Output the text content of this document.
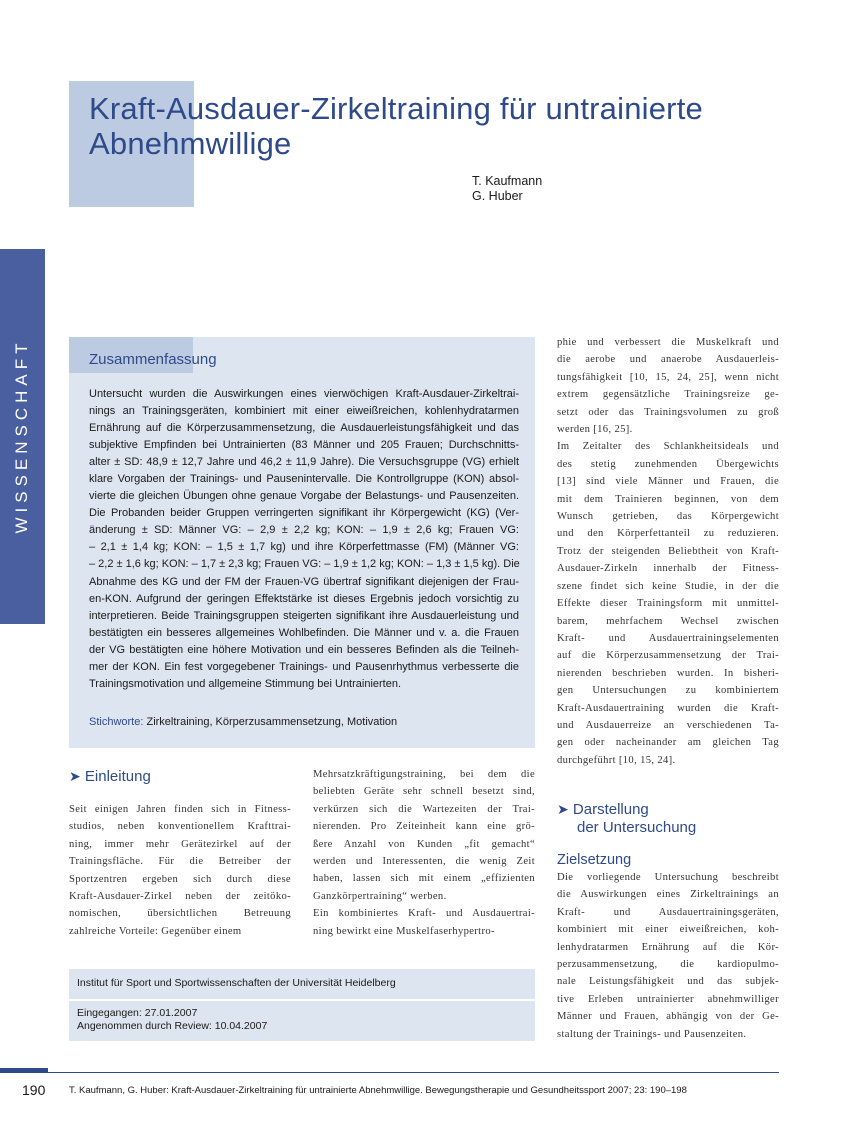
WISSENSCHAFT
Kraft-Ausdauer-Zirkeltraining für untrainierte
Abnehmwillige
T. Kaufmann
G. Huber
Zusammenfassung
Untersucht wurden die Auswirkungen eines vierwöchigen Kraft-Ausdauer-Zirkeltrai-
nings an Trainingsgeräten, kombiniert mit einer eiweißreichen, kohlenhydratarmen
Ernährung auf die Körperzusammensetzung, die Ausdauerleistungsfähigkeit und das
subjektive Empfinden bei Untrainierten (83 Männer und 205 Frauen; Durchschnitts-
alter ± SD: 48,9 ± 12,7 Jahre und 46,2 ± 11,9 Jahre). Die Versuchsgruppe (VG) erhielt
klare Vorgaben der Trainings- und Pausenintervalle. Die Kontrollgruppe (KON) absol-
vierte die gleichen Übungen ohne genaue Vorgabe der Belastungs- und Pausenzeiten.
Die Probanden beider Gruppen verringerten signifikant ihr Körpergewicht (KG) (Ver-
änderung ± SD: Männer VG: – 2,9 ± 2,2 kg; KON: – 1,9 ± 2,6 kg; Frauen VG:
– 2,1 ± 1,4 kg; KON: – 1,5 ± 1,7 kg) und ihre Körperfettmasse (FM) (Männer VG:
– 2,2 ± 1,6 kg; KON: – 1,7 ± 2,3 kg; Frauen VG: – 1,9 ± 1,2 kg; KON: – 1,3 ± 1,5 kg). Die
Abnahme des KG und der FM der Frauen-VG übertraf signifikant diejenigen der Frau-
en-KON. Aufgrund der geringen Effektstärke ist dieses Ergebnis jedoch vorsichtig zu
interpretieren. Beide Trainingsgruppen steigerten signifikant ihre Ausdauerleistung und
bestätigten ein besseres allgemeines Wohlbefinden. Die Männer und v. a. die Frauen
der VG bestätigten eine höhere Motivation und ein besseres Befinden als die Teilneh-
mer der KON. Ein fest vorgegebener Trainings- und Pausenrhythmus verbesserte die
Trainingsmotivation und allgemeine Stimmung bei Untrainierten.
Stichworte: Zirkeltraining, Körperzusammensetzung, Motivation
➤ Einleitung
Seit einigen Jahren finden sich in Fitness-
studios, neben konventionellem Krafttrai-
ning, immer mehr Gerätezirkel auf der
Trainingsfläche. Für die Betreiber der
Sportzentren ergeben sich durch diese
Kraft-Ausdauer-Zirkel neben der zeitöko-
nomischen, übersichtlichen Betreuung
zahlreiche Vorteile: Gegenüber einem
Mehrsatzkräftigungstraining, bei dem die
beliebten Geräte sehr schnell besetzt sind,
verkürzen sich die Wartezeiten der Trai-
nierenden. Pro Zeiteinheit kann eine grö-
ßere Anzahl von Kunden „fit gemacht“
werden und Interessenten, die wenig Zeit
haben, lassen sich mit einem „effizienten
Ganzkörpertraining“ werben.
Ein kombiniertes Kraft- und Ausdauertrai-
ning bewirkt eine Muskelfaserhypertro-
phie und verbessert die Muskelkraft und
die aerobe und anaerobe Ausdauerleis-
tungsfähigkeit [10, 15, 24, 25], wenn nicht
extrem gegensätzliche Trainingsreize ge-
setzt oder das Trainingsvolumen zu groß
werden [16, 25].
Im Zeitalter des Schlankheitsideals und
des stetig zunehmenden Übergewichts
[13] sind viele Männer und Frauen, die
mit dem Trainieren beginnen, von dem
Wunsch getrieben, das Körpergewicht
und den Körperfettanteil zu reduzieren.
Trotz der steigenden Beliebtheit von Kraft-
Ausdauer-Zirkeln innerhalb der Fitness-
szene findet sich keine Studie, in der die
Effekte dieser Trainingsform mit unmittel-
barem, mehrfachem Wechsel zwischen
Kraft- und Ausdauertrainingselementen
auf die Körperzusammensetzung der Trai-
nierenden beschrieben wurden. In bisheri-
gen Untersuchungen zu kombiniertem
Kraft-Ausdauertraining wurden die Kraft-
und Ausdauerreize an verschiedenen Ta-
gen oder nacheinander am gleichen Tag
durchgeführt [10, 15, 24].
➤ Darstellung
der Untersuchung
Zielsetzung
Die vorliegende Untersuchung beschreibt
die Auswirkungen eines Zirkeltrainings an
Kraft- und Ausdauertrainingsgeräten,
kombiniert mit einer eiweißreichen, koh-
lenhydratarmen Ernährung auf die Kör-
perzusammensetzung, die kardiopulmo-
nale Leistungsfähigkeit und das subjek-
tive Erleben untrainierter abnehmwilliger
Männer und Frauen, abhängig von der Ge-
staltung der Trainings- und Pausenzeiten.
Institut für Sport und Sportwissenschaften der Universität Heidelberg
Eingegangen: 27.01.2007
Angenommen durch Review: 10.04.2007
190 T. Kaufmann, G. Huber: Kraft-Ausdauer-Zirkeltraining für untrainierte Abnehmwillige. Bewegungstherapie und Gesundheitssport 2007; 23: 190–198
